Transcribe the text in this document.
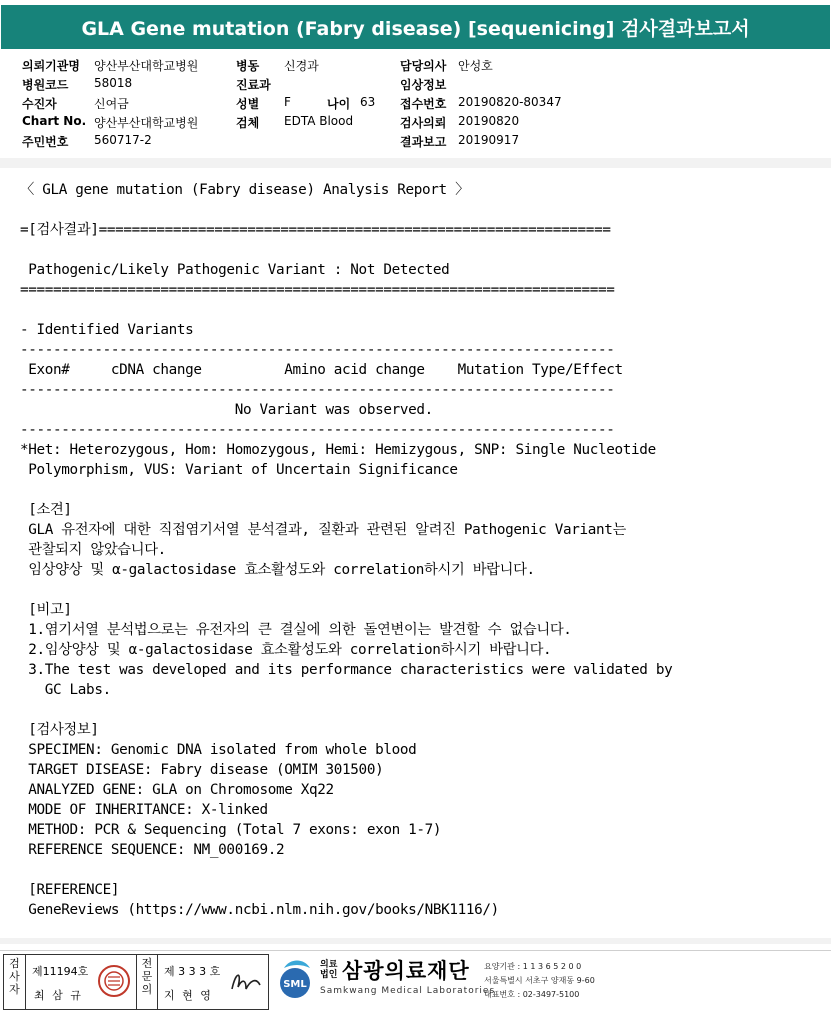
GLA Gene mutation (Fabry disease) [sequenicing] 검사결과보고서
의뢰기관명 양산부산대학교병원	병동 신경과	담당의사 안성호
병원코드 58018	진료과	임상정보
수진자	신여금	성별 F	나이 63 접수번호 20190820-80347
Chart No. 양산부산대학교병원	검체 EDTA Blood	검사의뢰 20190820
주민번호 560717-2	결과보고 20190917
〈 GLA gene mutation (Fabry disease) Analysis Report 〉
=[검사결과]==============================================================
Pathogenic/Likely Pathogenic Variant : Not Detected
========================================================================
- Identified Variants
------------------------------------------------------------------------
Exon#     cDNA change          Amino acid change    Mutation Type/Effect
------------------------------------------------------------------------
No Variant was observed.
------------------------------------------------------------------------
*Het: Heterozygous, Hom: Homozygous, Hemi: Hemizygous, SNP: Single Nucleotide
Polymorphism, VUS: Variant of Uncertain Significance
[소견]
GLA 유전자에 대한 직접염기서열 분석결과, 질환과 관련된 알려진 Pathogenic Variant는
관찰되지 않았습니다.
임상양상 및 α-galactosidase 효소활성도와 correlation하시기 바랍니다.
[비고]
1.염기서열 분석법으로는 유전자의 큰 결실에 의한 돌연변이는 발견할 수 없습니다.
2.임상양상 및 α-galactosidase 효소활성도와 correlation하시기 바랍니다.
3.The test was developed and its performance characteristics were validated by
GC Labs.
[검사정보]
SPECIMEN: Genomic DNA isolated from whole blood
TARGET DISEASE: Fabry disease (OMIM 301500)
ANALYZED GENE: GLA on Chromosome Xq22
MODE OF INHERITANCE: X-linked
METHOD: PCR & Sequencing (Total 7 exons: exon 1-7)
REFERENCE SEQUENCE: NM_000169.2
[REFERENCE]
GeneReviews (https://www.ncbi.nlm.nih.gov/books/NBK1116/)
검
사
자
제11194호
최 삼 규
전
문
의
제 3 3 3 호
지 현 영
SML
의료
법인 삼광의료재단
Samkwang Medical Laboratories
요양기관 : 1 1 3 6 5 2 0 0
서울특별시 서초구 양재동 9-60
대표번호 : 02-3497-5100
